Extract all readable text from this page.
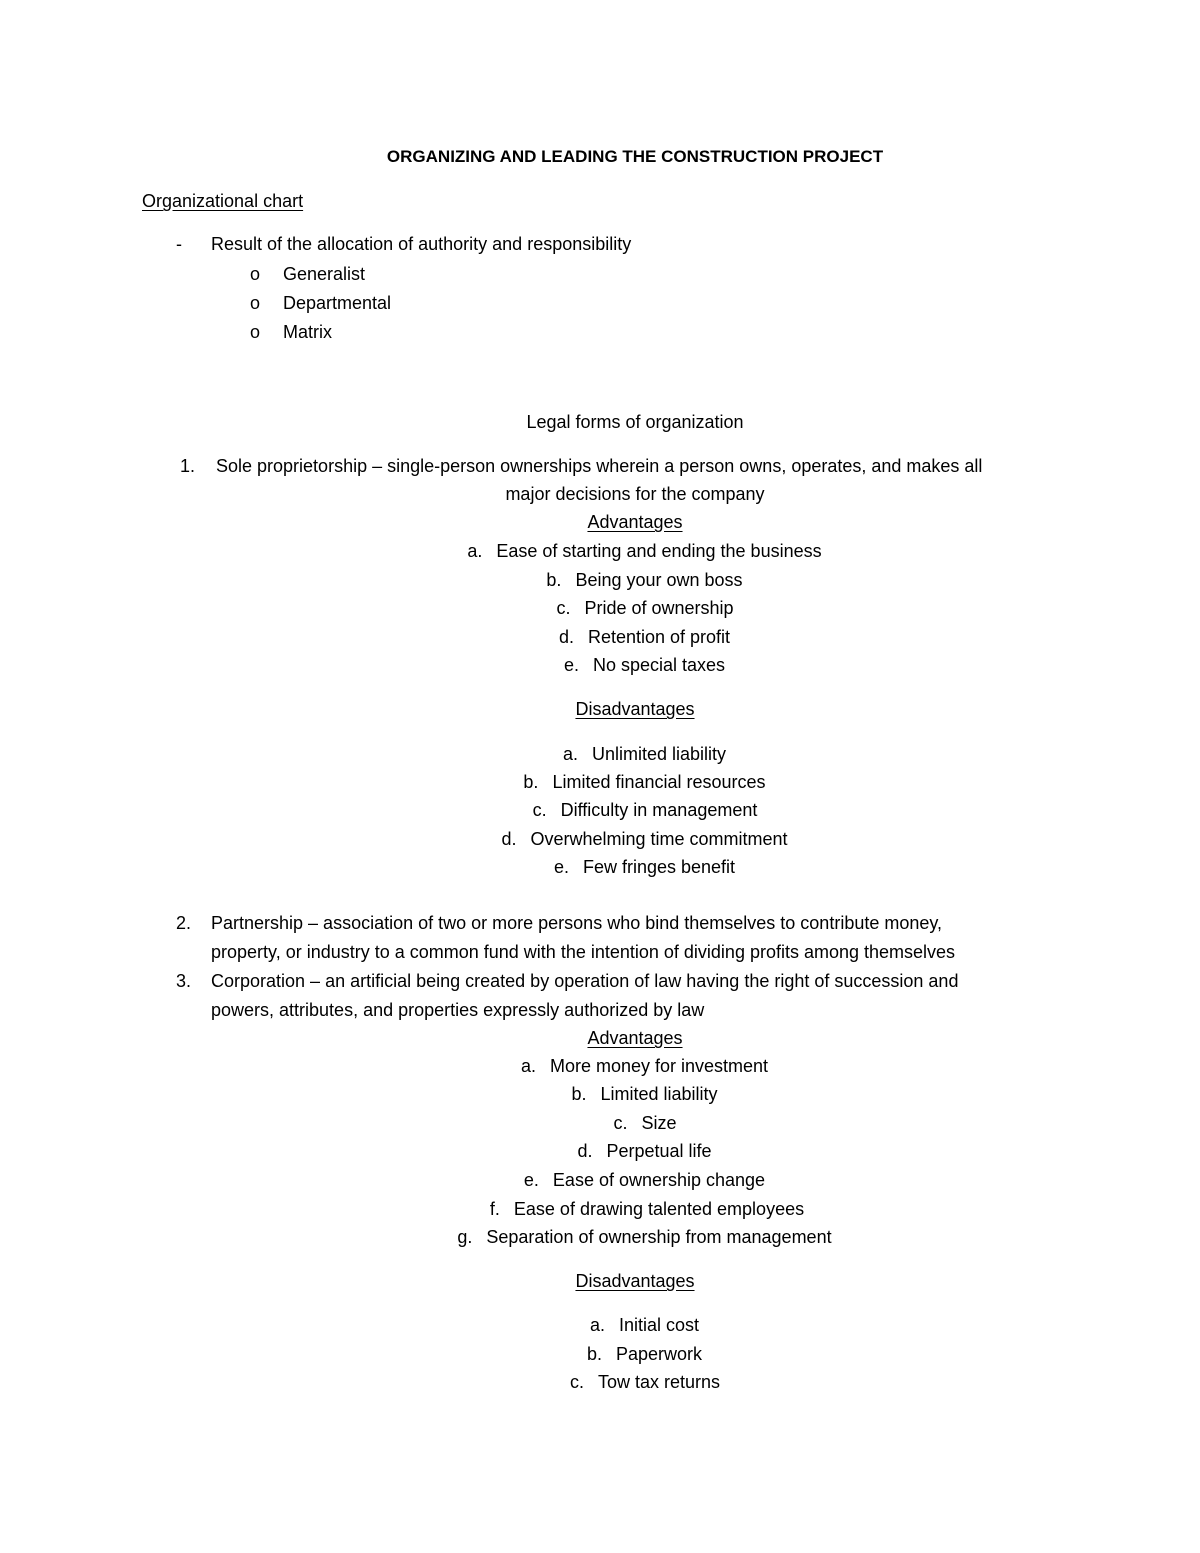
ORGANIZING AND LEADING THE CONSTRUCTION PROJECT
Organizational chart
- Result of the allocation of authority and responsibility
o Generalist
o Departmental
o Matrix
Legal forms of organization
1. Sole proprietorship – single-person ownerships wherein a person owns, operates, and makes all
major decisions for the company
Advantages
a. Ease of starting and ending the business
b. Being your own boss
c. Pride of ownership
d. Retention of profit
e. No special taxes
Disadvantages
a. Unlimited liability
b. Limited financial resources
c. Difficulty in management
d. Overwhelming time commitment
e. Few fringes benefit
2. Partnership – association of two or more persons who bind themselves to contribute money,
property, or industry to a common fund with the intention of dividing profits among themselves
3. Corporation – an artificial being created by operation of law having the right of succession and
powers, attributes, and properties expressly authorized by law
Advantages
a. More money for investment
b. Limited liability
c. Size
d. Perpetual life
e. Ease of ownership change
f. Ease of drawing talented employees
g. Separation of ownership from management
Disadvantages
a. Initial cost
b. Paperwork
c. Tow tax returns
